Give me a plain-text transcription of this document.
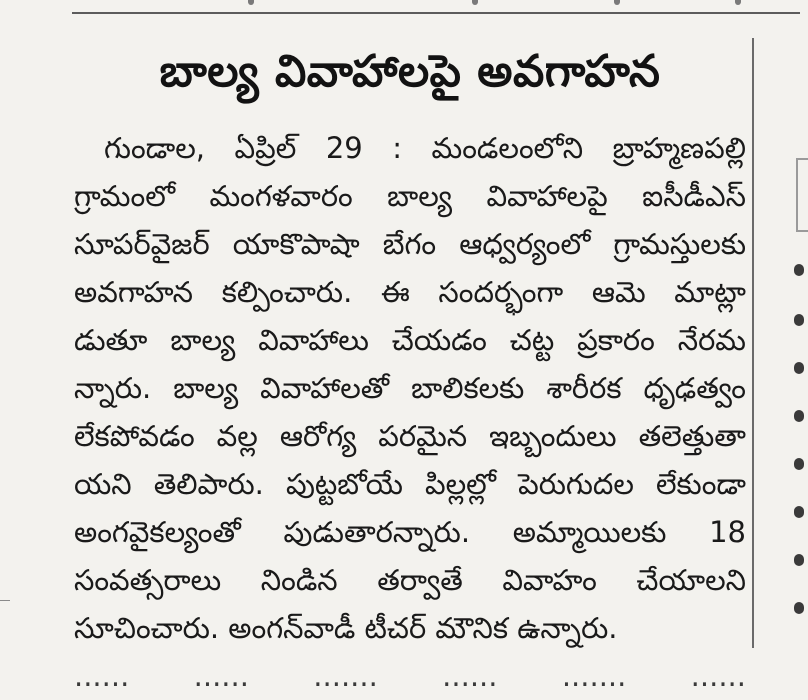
బాల్య వివాహాలపై అవగాహన
గుండాల, ఏప్రిల్ 29 : మండలంలోని బ్రాహ్మణపల్లి
గ్రామంలో మంగళవారం బాల్య వివాహాలపై ఐసీడీఎస్
సూపర్‌వైజర్ యాకొపాషా బేగం ఆధ్వర్యంలో గ్రామస్తులకు
అవగాహన కల్పించారు. ఈ సందర్భంగా ఆమె మాట్లా
డుతూ బాల్య వివాహాలు చేయడం చట్ట ప్రకారం నేరమ
న్నారు. బాల్య వివాహాలతో బాలికలకు శారీరక ధృఢత్వం
లేకపోవడం వల్ల ఆరోగ్య పరమైన ఇబ్బందులు తలెత్తుతా
యని తెలిపారు. పుట్టబోయే పిల్లల్లో పెరుగుదల లేకుండా
అంగవైకల్యంతో పుడుతారన్నారు. అమ్మాయిలకు 18
సంవత్సరాలు నిండిన తర్వాతే వివాహం చేయాలని
సూచించారు. అంగన్‌వాడీ టీచర్ మౌనిక ఉన్నారు.
...... ...... ....... ...... ....... ......
